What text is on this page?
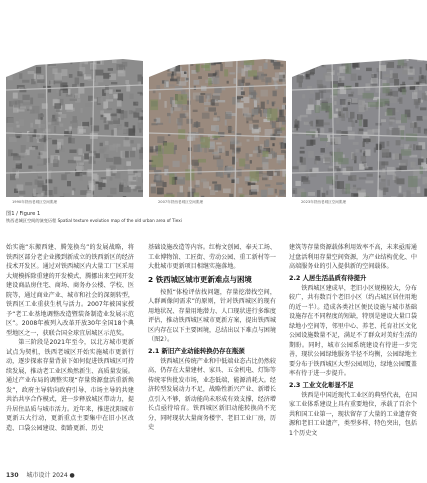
1990年铁西老城区空间肌理	2007年铁西老城区空间肌理	2023年铁西老城区空间肌理
图1 / Figure 1
铁西老城区空间的演变历程 Spatial texture evolution map of the old urban area of Tiexi

始实施“东搬西建、腾笼换鸟”的发展战略，将铁西区部分老企业搬到新成立的铁西新区的经济技术开发区。通过对铁西城区内大量工厂区采用大规模拆除重建的开发模式，腾挪出来空间开发建设商品房住宅、商场、商务办公楼、学校、医院等，通过商业产业、城市和社会的深刻转型，铁西区工业重获生机与活力。2007年被国家授予“老工业基地调整改造暨装备制造业发展示范区”。2008年被列入改革开放30年全国18个典型地区之一，获联合国全球宜居城区示范奖。

第三阶段是2021年至今，以北方城市更新试点为契机，铁西老城区开始实施城市更新行动，逐步探索存量背景下如何促进铁西城区可持续发展，推动老工业区焕然新生、高质量发展。通过产业布局的调整实现“存量资源盘活重新焕发”，政府主导转向政府引导、市场主导的共建共治共享合作模式，进一步释放城区带动力，提升居住品质与城市活力。近年来，推进沈阳城市更新五大行动，更新重点主要集中在旧小区改造、口袋公园建设、街路更新、历史

基础设施改造等内容。红梅文创园、奉天工场、工业博物馆、工匠街、劳动公园、重工新村等一大批城市更新项目相继实施落地。

2 铁西城区城市更新难点与困境

按照“体检评估找问题，存量挖潜找空间，人群画像问需求”的原则，针对铁西城区的现有用地状况、存量用地潜力、人口现状进行多维度评估，推动铁西城区城市更新方案，提出铁西城区内存在以下主要困境，总结出以下难点与困境（图2）。

2.1 新旧产业动能转换仍存在瓶颈

铁西城区传统产业和中低端业态占比仍然较高，仍存在大量建材、家具、五金机电、灯饰等传统零售批发市场，业态低端，能源消耗大。经济转型发展动力不足，战略性新兴产业、新增长点引入不够，新动能尚未形成有效支撑，经济增长点亟待培育。铁西城区新旧动能转换尚不充分，同时现状大量商务楼宇、老旧工业厂房，历史

建筑等存量资源载体利用效率不高，未来亟需通过盘活利用存量空间资源，为产业结构优化、中高端服务业的引入提供新的空间载体。

2.2 人居生活品质有待提升

铁西城区建成早，老旧小区规模较大，分布较广，共有数百个老旧小区（约占城区居住用地的近一半）。造成各类社区便民设施与城市基础设施存在不同程度的短缺，特别是建设大量口袋绿地小空间等，邻里中心、养老、托育社区文化公园设施数量不足，满足不了群众对美好生活的期盼。同时，城市公园系统建设有待进一步完善，现状公园绿地服务半径不均衡，公园绿地主要分布于铁西城区大型公园周边，绿地公园覆盖率有待于进一步提升。

2.3 工业文化彰显不足

铁西是中国近现代工业区的典型代表，在国家工业体系建设上具有重要地位，承载了百余个共和国工业第一，现状留存了大量的工业遗存资源和老旧工业遗产，类型多样、特色突出，包括1个历史文

130 城市设计 2024 ●
